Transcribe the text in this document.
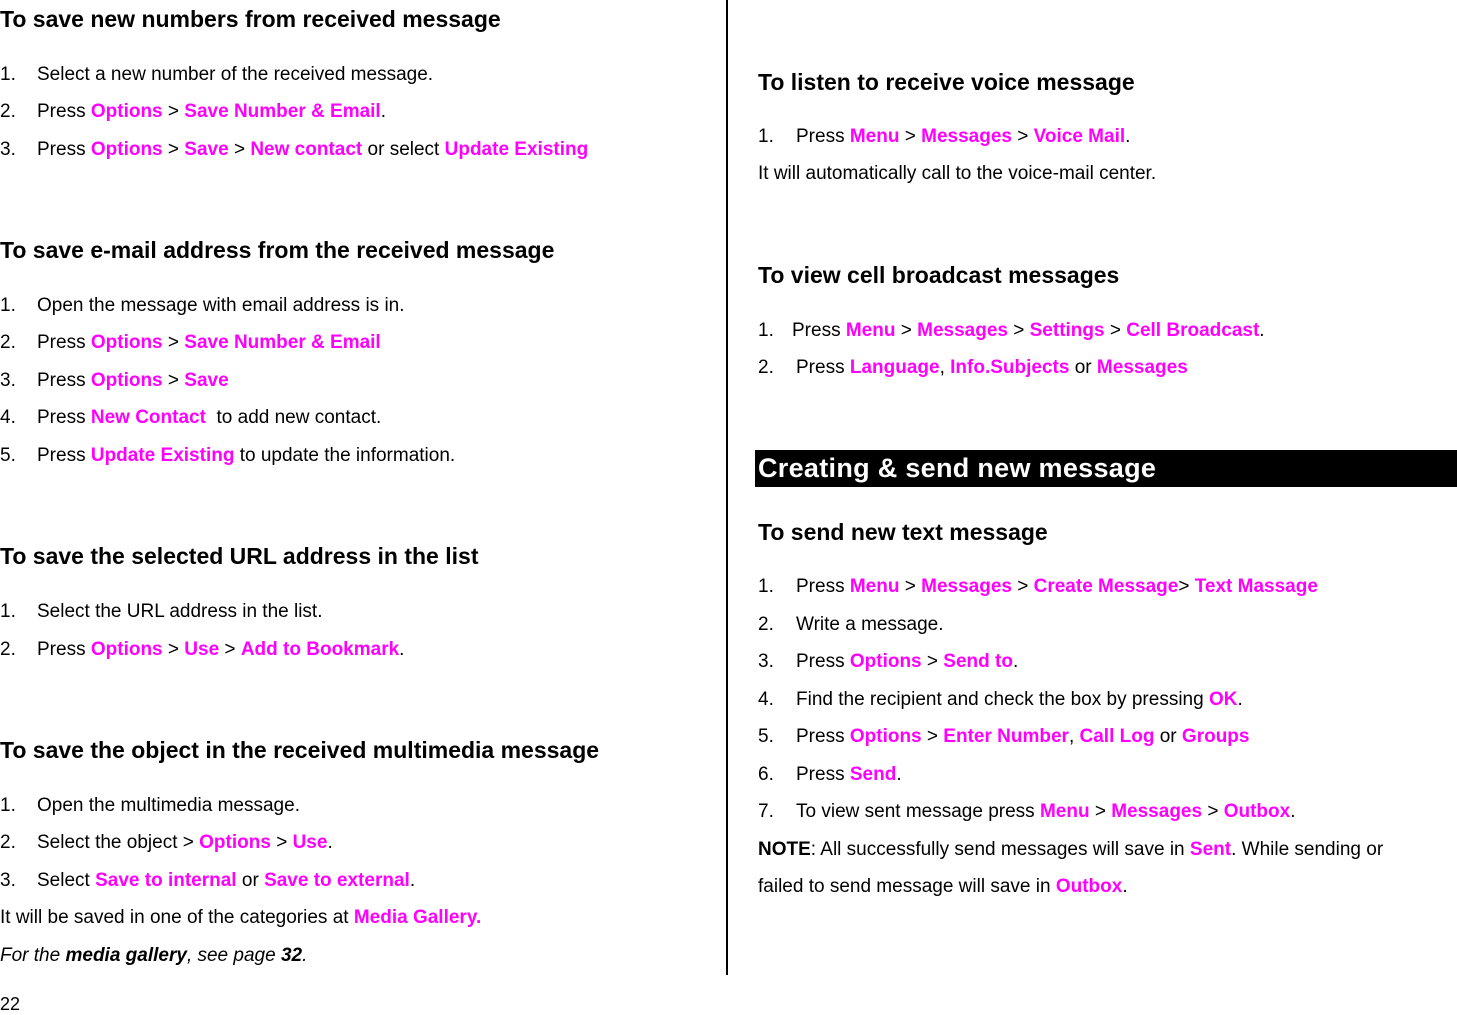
To save new numbers from received message
1. Select a new number of the received message.
2. Press Options > Save Number & Email.
3. Press Options > Save > New contact or select Update Existing
To save e-mail address from the received message
1. Open the message with email address is in.
2. Press Options > Save Number & Email
3. Press Options > Save
4. Press New Contact to add new contact.
5. Press Update Existing to update the information.
To save the selected URL address in the list
1. Select the URL address in the list.
2. Press Options > Use > Add to Bookmark.
To save the object in the received multimedia message
1. Open the multimedia message.
2. Select the object > Options > Use.
3. Select Save to internal or Save to external.
It will be saved in one of the categories at Media Gallery.
For the media gallery, see page 32.
To listen to receive voice message
1. Press Menu > Messages > Voice Mail.
It will automatically call to the voice-mail center.
To view cell broadcast messages
1. Press Menu > Messages > Settings > Cell Broadcast.
2. Press Language, Info.Subjects or Messages
Creating & send new message
To send new text message
1. Press Menu > Messages > Create Message> Text Massage
2. Write a message.
3. Press Options > Send to.
4. Find the recipient and check the box by pressing OK.
5. Press Options > Enter Number, Call Log or Groups
6. Press Send.
7. To view sent message press Menu > Messages > Outbox.
NOTE: All successfully send messages will save in Sent. While sending or
failed to send message will save in Outbox.
22
